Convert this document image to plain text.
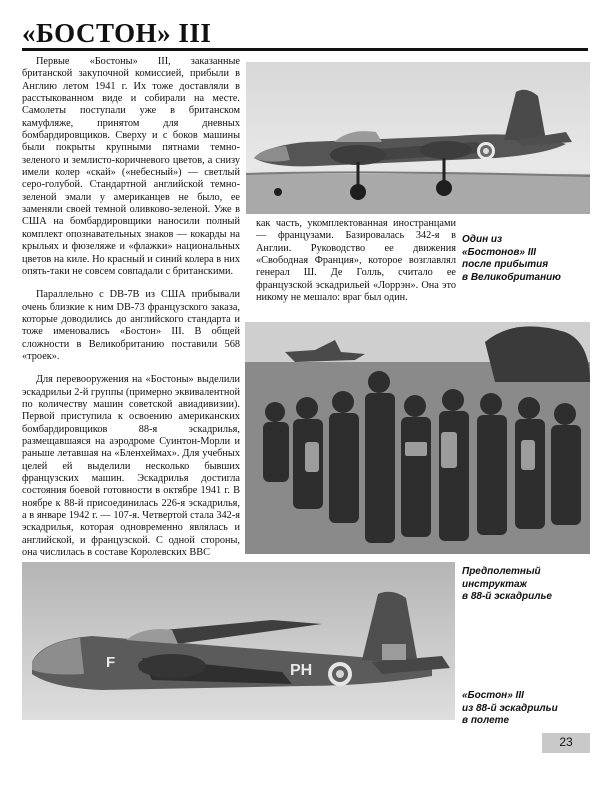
«БОСТОН» III

Первые «Бостоны» III, заказанные британской закупочной комиссией, прибыли в Англию летом 1941 г. Их тоже доставляли в расстыкованном виде и собирали на месте. Самолеты поступали уже в британском камуфляже, принятом для дневных бомбардировщиков. Сверху и с боков машины были покрыты крупными пятнами темно-зеленого и землисто-коричневого цветов, а снизу имели колер «скай» («небесный») — светлый серо-голубой. Стандартной английской темно-зеленой эмали у американцев не было, ее заменяли своей темной оливково-зеленой. Уже в США на бомбардировщики наносили полный комплект опознавательных знаков — кокарды на крыльях и фюзеляже и «флажки» национальных цветов на киле. Но красный и синий колера в них опять-таки не совсем совпадали с британскими.

Параллельно с DB-7B из США прибывали очень близкие к ним DB-73 французского заказа, которые доводились до английского стандарта и тоже именовались «Бостон» III. В общей сложности в Великобританию поставили 568 «троек».

Для перевооружения на «Бостоны» выделили эскадрильи 2-й группы (примерно эквивалентной по количеству машин советской авиадивизии). Первой приступила к освоению американских бомбардировщиков 88-я эскадрилья, размещавшаяся на аэродроме Суинтон-Морли и раньше летавшая на «Бленхеймах». Для учебных целей ей выделили несколько бывших французских машин. Эскадрилья достигла состояния боевой готовности в октябре 1941 г. В ноябре к 88-й присоединилась 226-я эскадрилья, а в январе 1942 г. — 107-я. Четвертой стала 342-я эскадрилья, которая одновременно являлась и английской, и французской. С одной стороны, она числилась в составе Королевских ВВС

как часть, укомплектованная иностранцами — французами. Базировалась 342-я в Англии. Руководство ее движения «Свободная Франция», которое возглавлял генерал Ш. Де Голль, считало ее французской эскадрильей «Лоррэн». Она это никому не мешало: враг был один.

Один из
«Бостонов» III
после прибытия
в Великобританию
Предполетный
инструктаж
в 88-й эскадрилье
РН
F
«Бостон» III
из 88-й эскадрильи
в полете
23
